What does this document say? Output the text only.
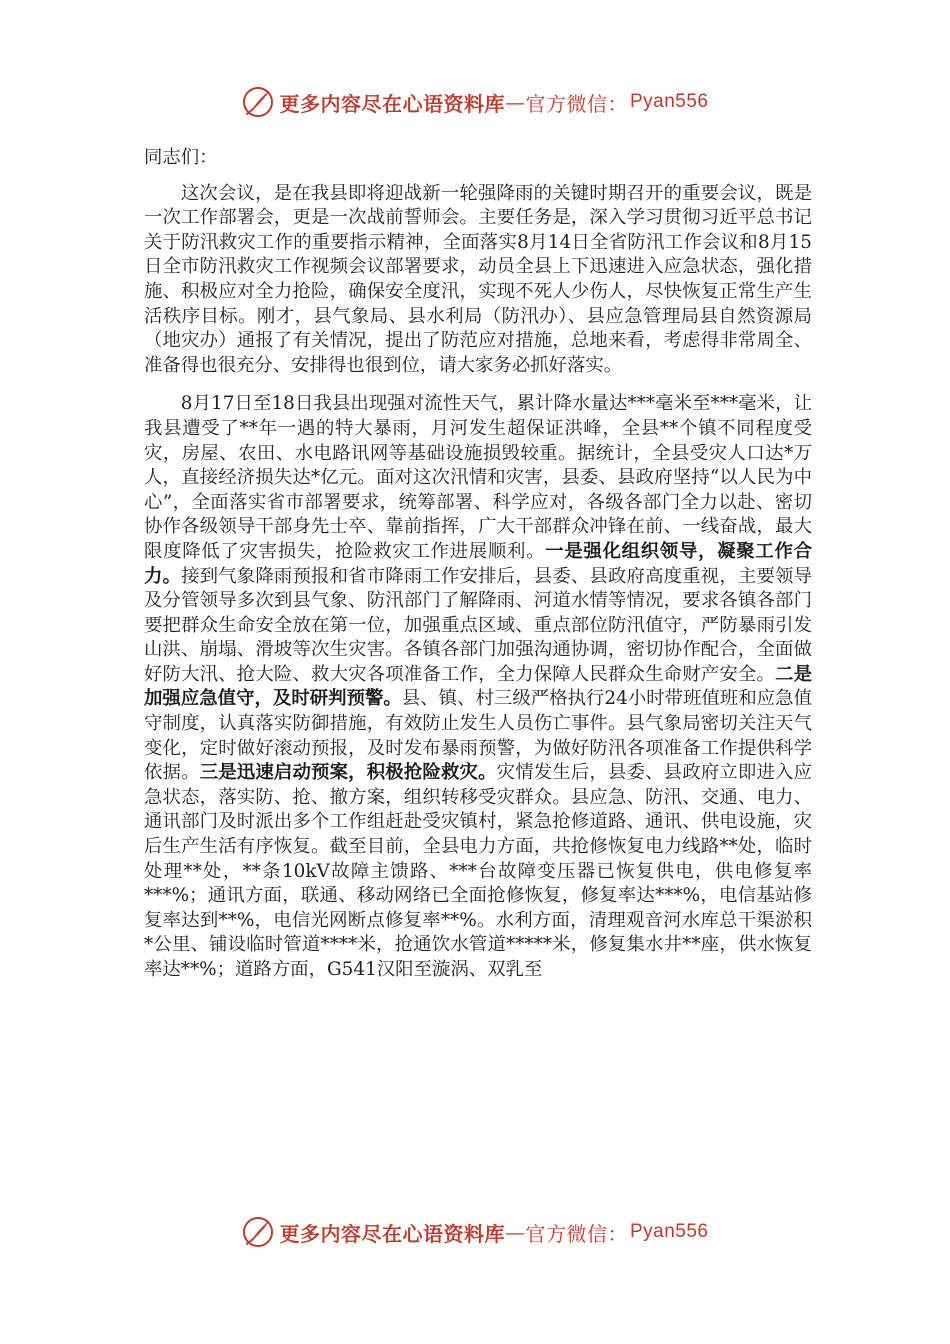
更多内容尽在心语资料库 — 官方微信： Pyan556

同志们：

这次会议，是在我县即将迎战新一轮强降雨的关键时期召开的重要会议，既是一次工作部署会，更是一次战前誓师会。主要任务是，深入学习贯彻习近平总书记关于防汛救灾工作的重要指示精神，全面落实8月14日全省防汛工作会议和8月15日全市防汛救灾工作视频会议部署要求，动员全县上下迅速进入应急状态，强化措施、积极应对全力抢险，确保安全度汛，实现不死人少伤人，尽快恢复正常生产生活秩序目标。刚才，县气象局、县水利局（防汛办）、县应急管理局县自然资源局（地灾办）通报了有关情况，提出了防范应对措施，总地来看，考虑得非常周全、准备得也很充分、安排得也很到位，请大家务必抓好落实。

8月17日至18日我县出现强对流性天气，累计降水量达***毫米至***毫米，让我县遭受了**年一遇的特大暴雨，月河发生超保证洪峰，全县**个镇不同程度受灾，房屋、农田、水电路讯网等基础设施损毁较重。据统计，全县受灾人口达*万人，直接经济损失达*亿元。面对这次汛情和灾害，县委、县政府坚持“以人民为中心”，全面落实省市部署要求，统筹部署、科学应对，各级各部门全力以赴、密切协作各级领导干部身先士卒、靠前指挥，广大干部群众冲锋在前、一线奋战，最大限度降低了灾害损失，抢险救灾工作进展顺利。一是强化组织领导，凝聚工作合力。接到气象降雨预报和省市降雨工作安排后，县委、县政府高度重视，主要领导及分管领导多次到县气象、防汛部门了解降雨、河道水情等情况，要求各镇各部门要把群众生命安全放在第一位，加强重点区域、重点部位防汛值守，严防暴雨引发山洪、崩塌、滑坡等次生灾害。各镇各部门加强沟通协调，密切协作配合，全面做好防大汛、抢大险、救大灾各项准备工作，全力保障人民群众生命财产安全。二是加强应急值守，及时研判预警。县、镇、村三级严格执行24小时带班值班和应急值守制度，认真落实防御措施，有效防止发生人员伤亡事件。县气象局密切关注天气变化，定时做好滚动预报，及时发布暴雨预警，为做好防汛各项准备工作提供科学依据。三是迅速启动预案，积极抢险救灾。灾情发生后，县委、县政府立即进入应急状态，落实防、抢、撤方案，组织转移受灾群众。县应急、防汛、交通、电力、通讯部门及时派出多个工作组赶赴受灾镇村，紧急抢修道路、通讯、供电设施，灾后生产生活有序恢复。截至目前，全县电力方面，共抢修恢复电力线路**处，临时处理**处，**条10kV故障主馈路、***台故障变压器已恢复供电，供电修复率***%；通讯方面，联通、移动网络已全面抢修恢复，修复率达***%，电信基站修复率达到**%，电信光网断点修复率**%。水利方面，清理观音河水库总干渠淤积*公里、铺设临时管道****米，抢通饮水管道*****米，修复集水井**座，供水恢复率达**%；道路方面，G541汉阳至漩涡、双乳至

更多内容尽在心语资料库 — 官方微信： Pyan556
